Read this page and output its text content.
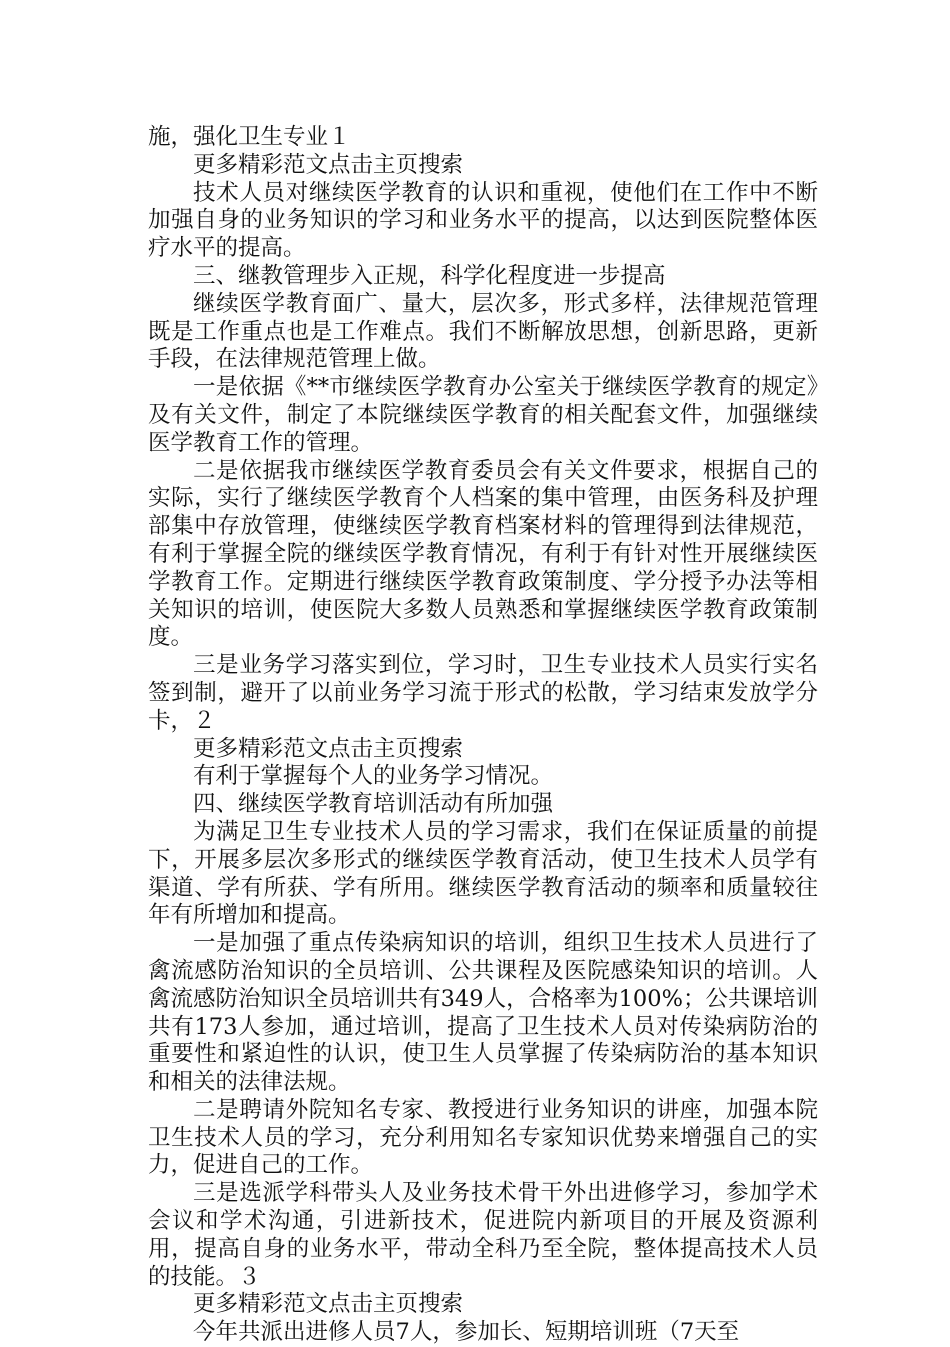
施，强化卫生专业１

更多精彩范文点击主页搜索

技术人员对继续医学教育的认识和重视，使他们在工作中不断加强自身的业务知识的学习和业务水平的提高，以达到医院整体医疗水平的提高。

三、继教管理步入正规，科学化程度进一步提高

继续医学教育面广、量大，层次多，形式多样，法律规范管理既是工作重点也是工作难点。我们不断解放思想，创新思路，更新手段，在法律规范管理上做。

一是依据《**市继续医学教育办公室关于继续医学教育的规定》及有关文件，制定了本院继续医学教育的相关配套文件，加强继续医学教育工作的管理。

二是依据我市继续医学教育委员会有关文件要求，根据自己的实际，实行了继续医学教育个人档案的集中管理，由医务科及护理部集中存放管理，使继续医学教育档案材料的管理得到法律规范，有利于掌握全院的继续医学教育情况，有利于有针对性开展继续医学教育工作。定期进行继续医学教育政策制度、学分授予办法等相关知识的培训，使医院大多数人员熟悉和掌握继续医学教育政策制度。

三是业务学习落实到位，学习时，卫生专业技术人员实行实名签到制，避开了以前业务学习流于形式的松散，学习结束发放学分卡，２

更多精彩范文点击主页搜索

有利于掌握每个人的业务学习情况。

四、继续医学教育培训活动有所加强

为满足卫生专业技术人员的学习需求，我们在保证质量的前提下，开展多层次多形式的继续医学教育活动，使卫生技术人员学有渠道、学有所获、学有所用。继续医学教育活动的频率和质量较往年有所增加和提高。

一是加强了重点传染病知识的培训，组织卫生技术人员进行了禽流感防治知识的全员培训、公共课程及医院感染知识的培训。人禽流感防治知识全员培训共有349人，合格率为100%；公共课培训共有173人参加，通过培训，提高了卫生技术人员对传染病防治的重要性和紧迫性的认识，使卫生人员掌握了传染病防治的基本知识和相关的法律法规。

二是聘请外院知名专家、教授进行业务知识的讲座，加强本院卫生技术人员的学习，充分利用知名专家知识优势来增强自己的实力，促进自己的工作。

三是选派学科带头人及业务技术骨干外出进修学习，参加学术会议和学术沟通，引进新技术，促进院内新项目的开展及资源利用，提高自身的业务水平，带动全科乃至全院，整体提高技术人员的技能。３

更多精彩范文点击主页搜索

今年共派出进修人员7人，参加长、短期培训班（7天至
